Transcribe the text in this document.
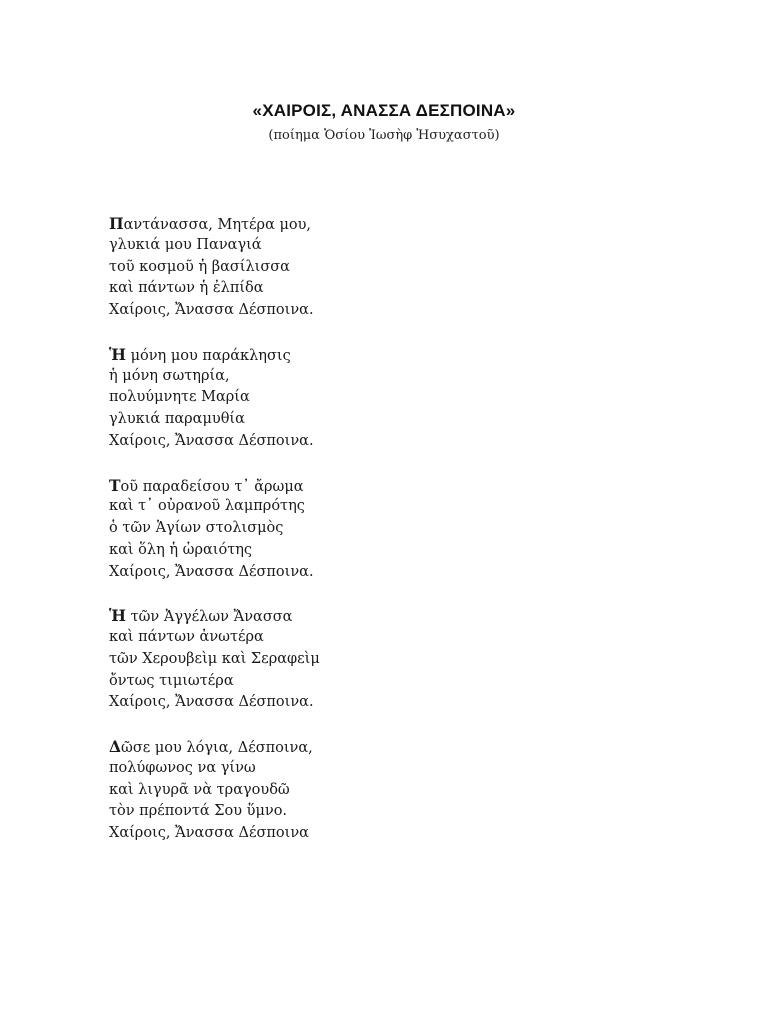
«ΧΑΙΡΟΙΣ, ΑΝΑΣΣΑ ΔΕΣΠΟΙΝΑ»
(ποίημα Ὁσίου Ἰωσὴφ Ἡσυχαστοῦ)
Παντάνασσα, Μητέρα μου,
γλυκιά μου Παναγιά
τοῦ κοσμοῦ ἡ βασίλισσα
καὶ πάντων ἡ ἐλπίδα
Χαίροις, Ἄνασσα Δέσποινα.
Ἡ μόνη μου παράκλησις
ἡ μόνη σωτηρία,
πολυύμνητε Μαρία
γλυκιά παραμυθία
Χαίροις, Ἄνασσα Δέσποινα.
Τοῦ παραδείσου τ᾽ ἄρωμα
καὶ τ᾽ οὐρανοῦ λαμπρότης
ὁ τῶν Ἁγίων στολισμὸς
καὶ ὅλη ἡ ὡραιότης
Χαίροις, Ἄνασσα Δέσποινα.
Ἡ τῶν Ἀγγέλων Ἄνασσα
καὶ πάντων ἀνωτέρα
τῶν Χερουβεὶμ καὶ Σεραφεὶμ
ὄντως τιμιωτέρα
Χαίροις, Ἄνασσα Δέσποινα.
Δῶσε μου λόγια, Δέσποινα,
πολύφωνος να γίνω
καὶ λιγυρᾶ νὰ τραγουδῶ
τὸν πρέποντά Σου ὕμνο.
Χαίροις, Ἄνασσα Δέσποινα
